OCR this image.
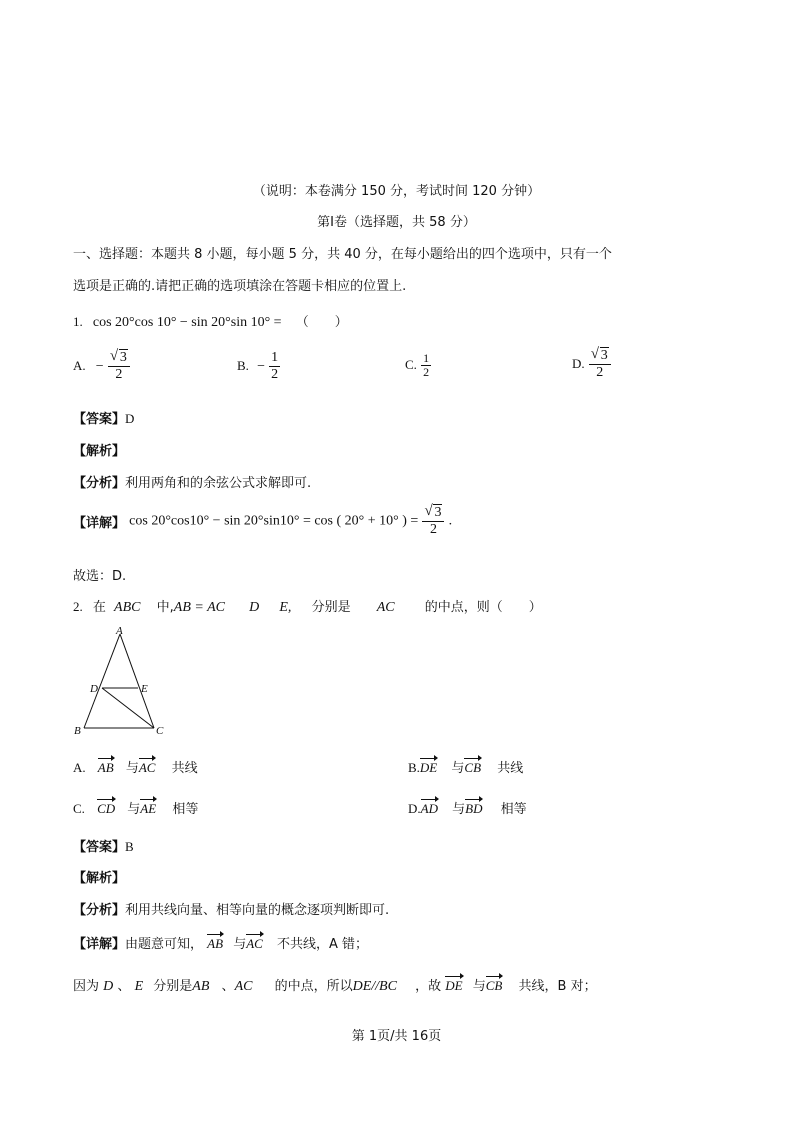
（说明：本卷满分 150 分，考试时间 120 分钟）
第Ⅰ卷（选择题，共 58 分）
一、选择题：本题共 8 小题，每小题 5 分，共 40 分，在每小题给出的四个选项中，只有一个
选项是正确的.请把正确的选项填涂在答题卡相应的位置上.
1. cos 20°cos 10° − sin 20°sin 10° = （　　）
A. − $\frac{√ 3}{2}$	B. − $\frac{1}{2}$	C. $\frac{1}{2}$	D. $\frac{√ 3}{2}$
【答案】D
【解析】
【分析】利用两角和的余弦公式求解即可.
【详解】 cos 20°cos10° − sin 20°sin10° = cos ( 20° + 10° ) = $\frac{√ 3}{2}$ .
故选：D.
2. 在 ABC 中,AB = AC D E, 分别是 AC 的中点，则（　　）
A
D	E
B	C
A. AB 与AC 共线	B.DE 与CB 共线
C. CD 与AE 相等	D.AD 与BD 相等
【答案】B
【解析】
【分析】利用共线向量、相等向量的概念逐项判断即可.
【详解】由题意可知， AB 与AC 不共线，A 错；
因为 D 、 E 分别是AB 、AC 的中点，所以DE//BC ，故 DE 与CB 共线，B 对；
第 1页/共 16页
